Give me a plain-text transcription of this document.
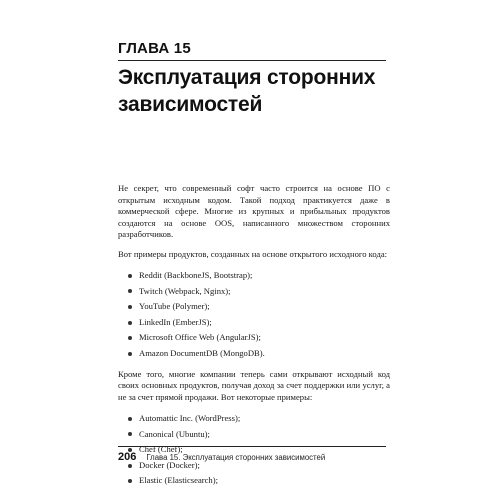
ГЛАВА 15
Эксплуатация сторонних зависимостей

Не секрет, что современный софт часто строится на основе ПО с открытым исходным кодом. Такой подход практикуется даже в коммерческой сфере. Многие из крупных и прибыльных продуктов создаются на основе OOS, написанного множеством сторонних разработчиков.

Вот примеры продуктов, созданных на основе открытого исходного кода:

Reddit (BackboneJS, Bootstrap);
Twitch (Webpack, Nginx);
YouTube (Polymer);
LinkedIn (EmberJS);
Microsoft Office Web (AngularJS);
Amazon DocumentDB (MongoDB).

Кроме того, многие компании теперь сами открывают исходный код своих основных продуктов, получая доход за счет поддержки или услуг, а не за счет прямой продажи. Вот некоторые примеры:

Automattic Inc. (WordPress);
Canonical (Ubuntu);
Chef (Chef);
Docker (Docker);
Elastic (Elasticsearch);
206 Глава 15. Эксплуатация сторонних зависимостей
